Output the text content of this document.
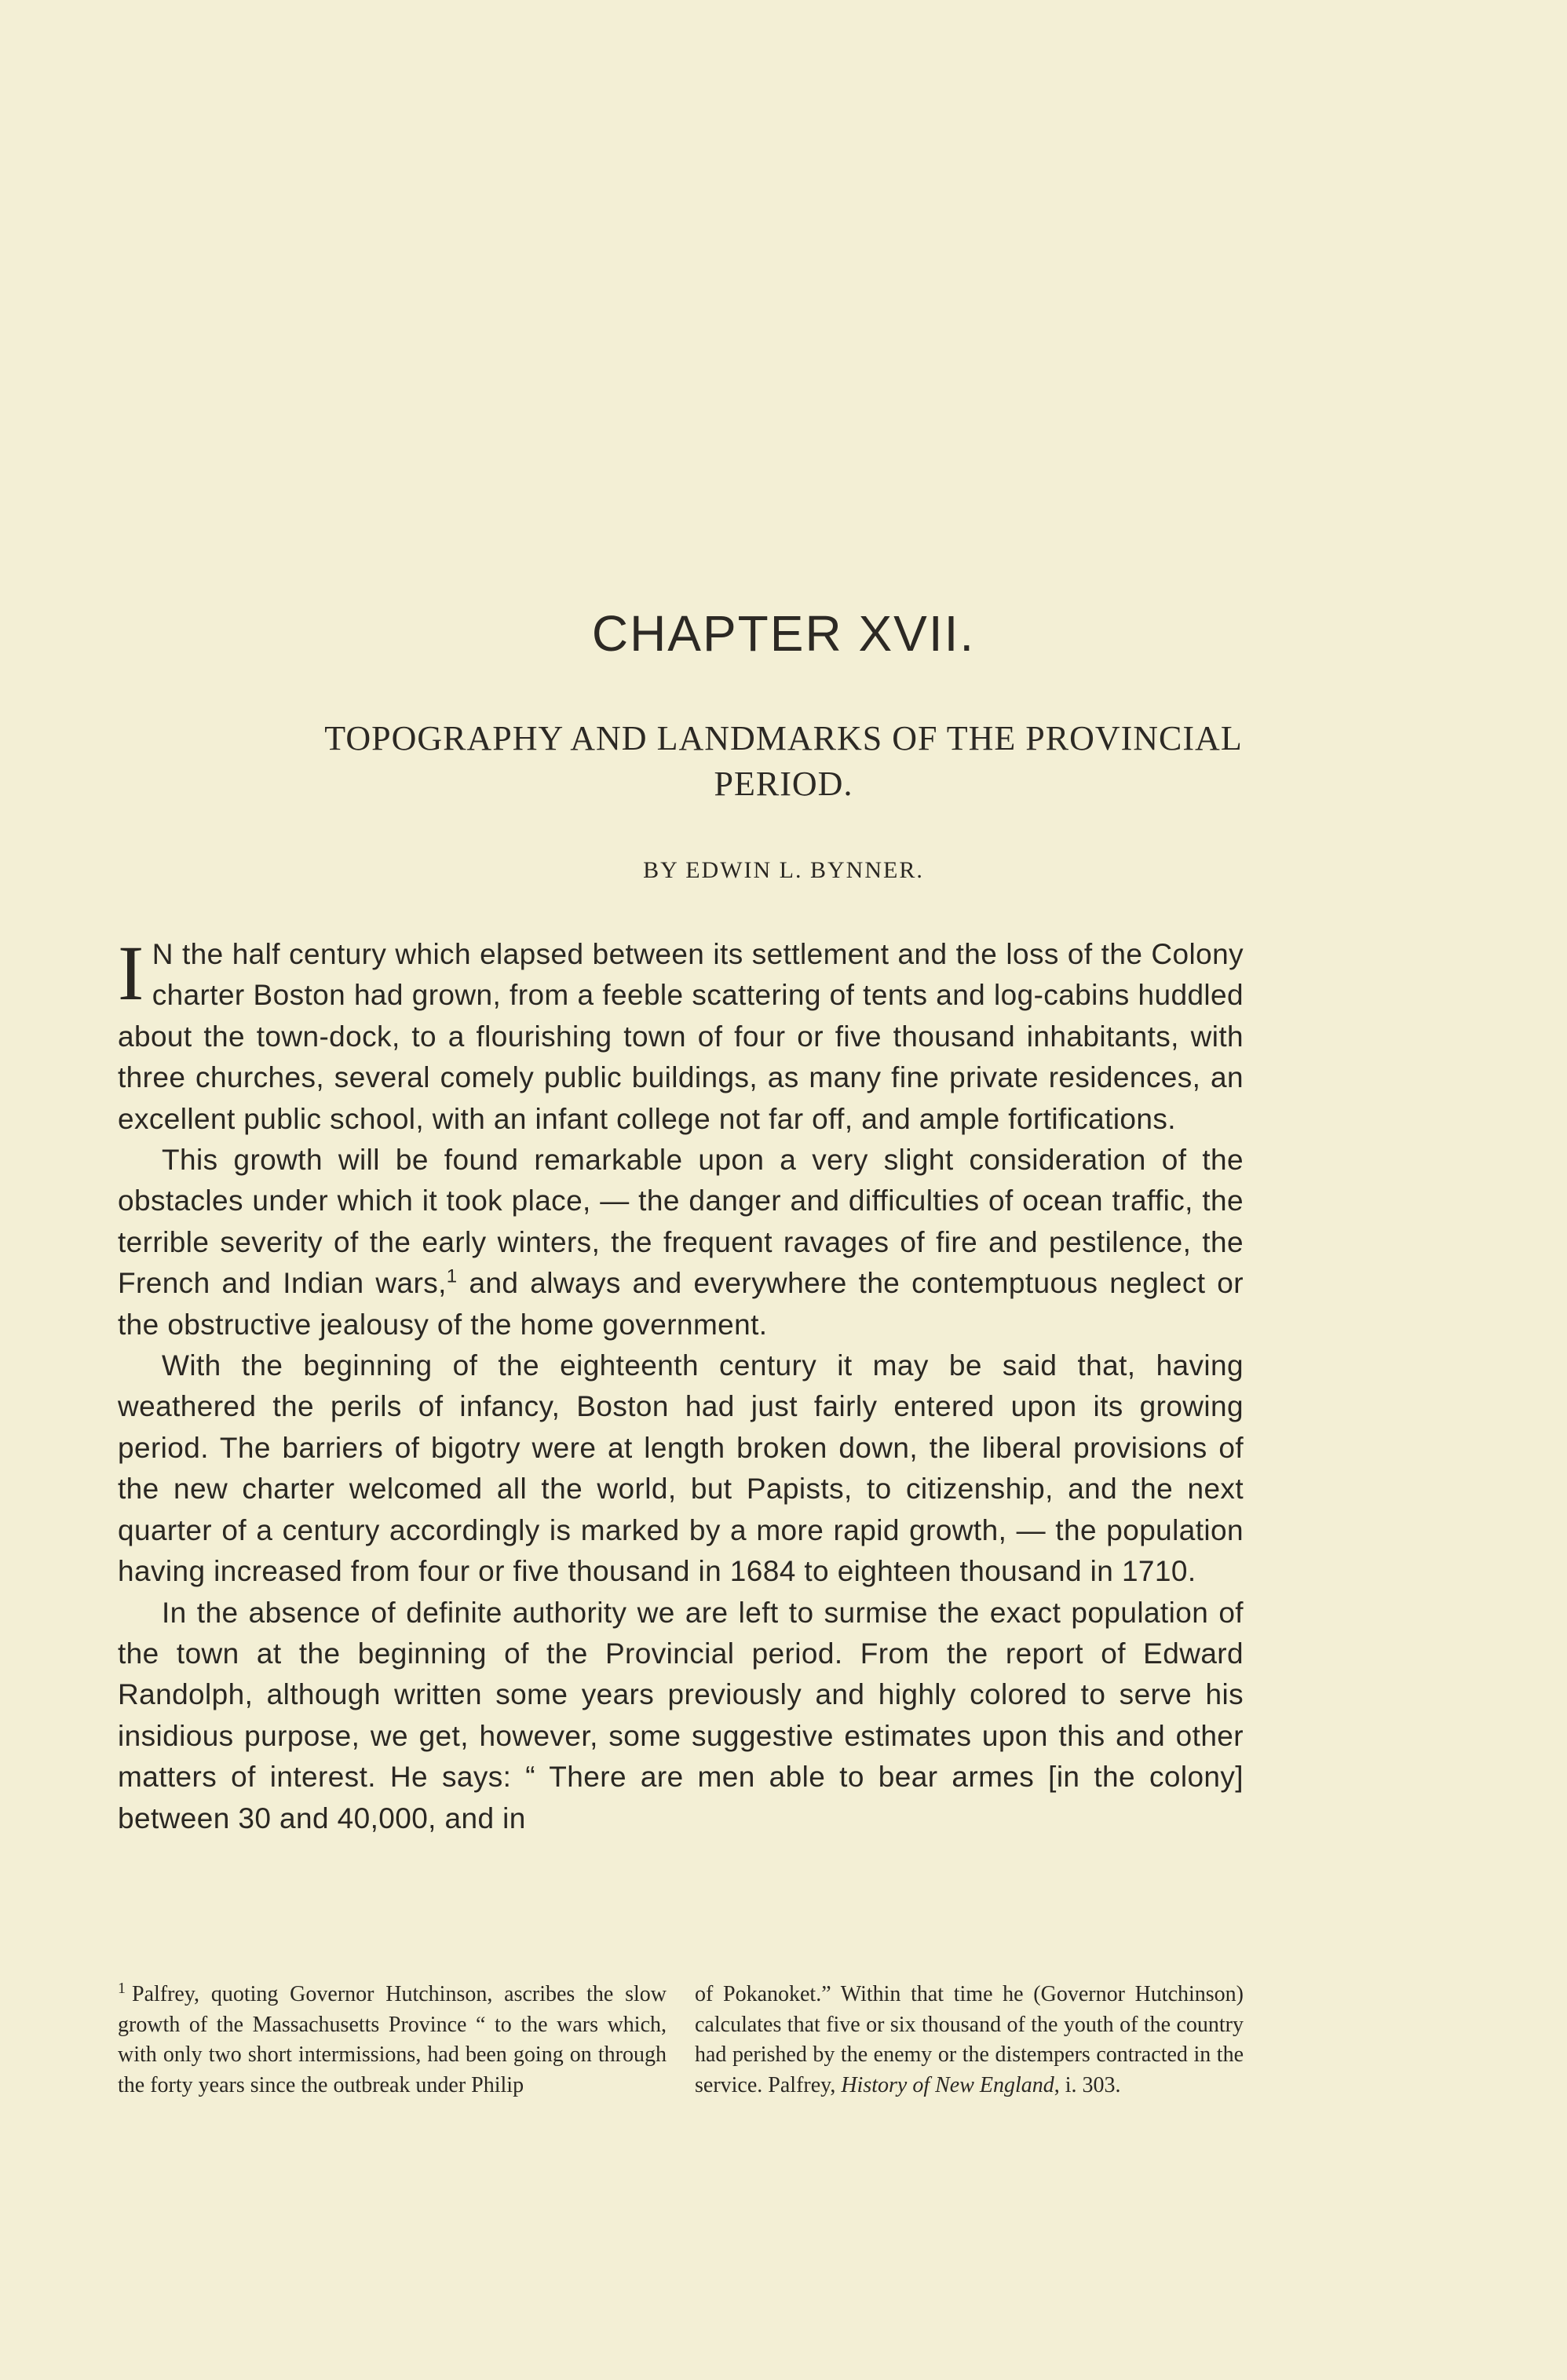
CHAPTER XVII.
TOPOGRAPHY AND LANDMARKS OF THE PROVINCIAL
PERIOD.
BY EDWIN L. BYNNER.

I N the half century which elapsed between its settlement and the loss of the Colony charter Boston had grown, from a feeble scattering of tents and log-cabins huddled about the town-dock, to a flourishing town of four or five thousand inhabitants, with three churches, several comely public buildings, as many fine private residences, an excellent public school, with an infant college not far off, and ample fortifications.

This growth will be found remarkable upon a very slight consideration of the obstacles under which it took place, — the danger and difficulties of ocean traffic, the terrible severity of the early winters, the frequent ravages of fire and pestilence, the French and Indian wars,$^1$ and always and everywhere the contemptuous neglect or the obstructive jealousy of the home government.

With the beginning of the eighteenth century it may be said that, having weathered the perils of infancy, Boston had just fairly entered upon its growing period. The barriers of bigotry were at length broken down, the liberal provisions of the new charter welcomed all the world, but Papists, to citizenship, and the next quarter of a century accordingly is marked by a more rapid growth, — the population having increased from four or five thousand in 1684 to eighteen thousand in 1710.

In the absence of definite authority we are left to surmise the exact population of the town at the beginning of the Provincial period. From the report of Edward Randolph, although written some years previously and highly colored to serve his insidious purpose, we get, however, some suggestive estimates upon this and other matters of interest. He says: “ There are men able to bear armes [in the colony] between 30 and 40,000, and in

$^1$ Palfrey, quoting Governor Hutchinson, ascribes the slow growth of the Massachusetts Province “ to the wars which, with only two short intermissions, had been going on through the forty years since the outbreak under Philip
of Pokanoket.” Within that time he (Governor Hutchinson) calculates that five or six thousand of the youth of the country had perished by the enemy or the distempers contracted in the service. Palfrey, History of New England, i. 303.
